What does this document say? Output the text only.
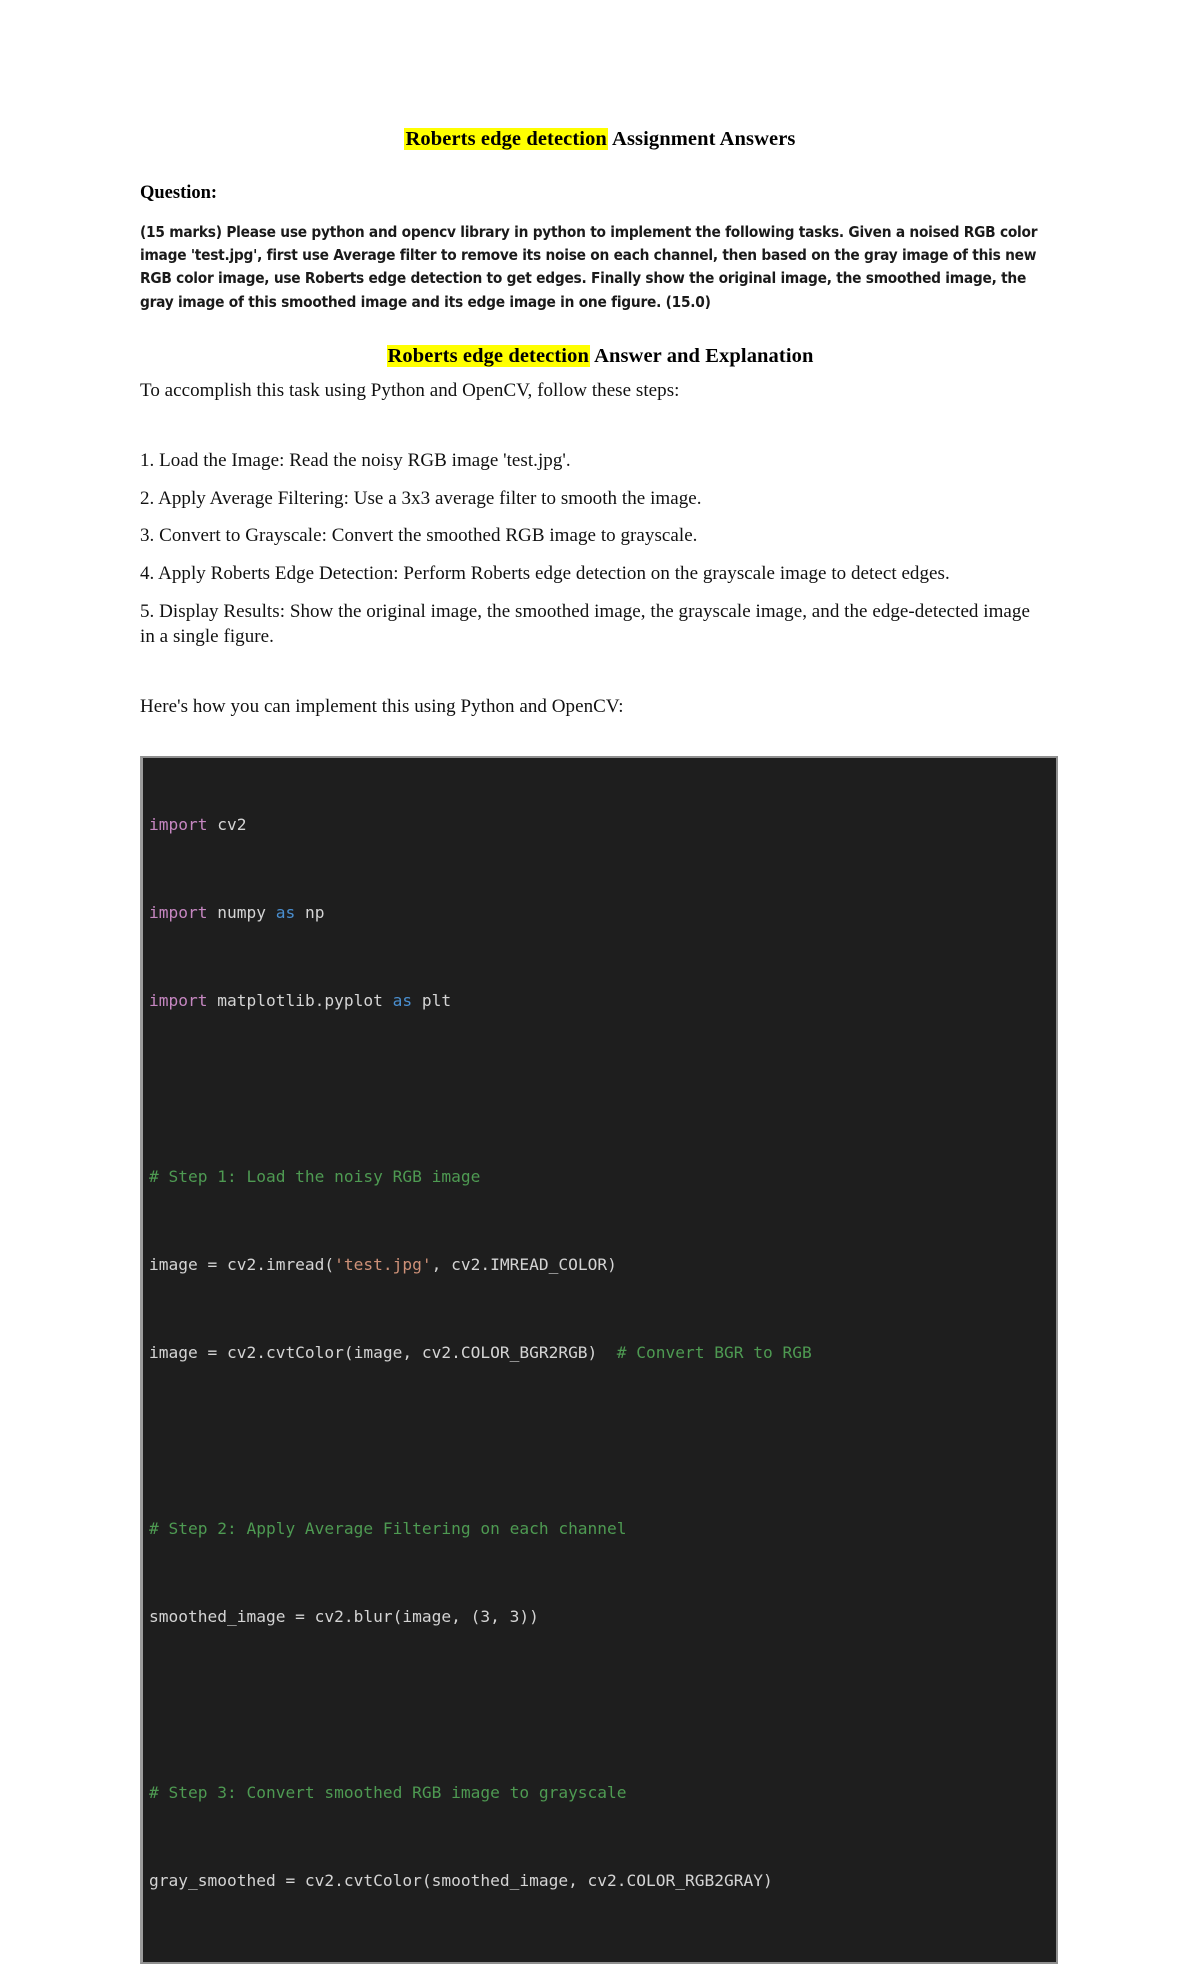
Roberts edge detection Assignment Answers

Question:

(15 marks) Please use python and opencv library in python to implement the following tasks. Given a noised RGB color image 'test.jpg', first use Average filter to remove its noise on each channel, then based on the gray image of this new RGB color image, use Roberts edge detection to get edges. Finally show the original image, the smoothed image, the gray image of this smoothed image and its edge image in one figure. (15.0)

Roberts edge detection Answer and Explanation

To accomplish this task using Python and OpenCV, follow these steps:

1. Load the Image: Read the noisy RGB image 'test.jpg'.

2. Apply Average Filtering: Use a 3x3 average filter to smooth the image.

3. Convert to Grayscale: Convert the smoothed RGB image to grayscale.

4. Apply Roberts Edge Detection: Perform Roberts edge detection on the grayscale image to detect edges.

5. Display Results: Show the original image, the smoothed image, the grayscale image, and the edge-detected image in a single figure.

Here's how you can implement this using Python and OpenCV:

import cv2

import numpy as np

import matplotlib.pyplot as plt

# Step 1: Load the noisy RGB image

image = cv2.imread('test.jpg', cv2.IMREAD_COLOR)

image = cv2.cvtColor(image, cv2.COLOR_BGR2RGB)  # Convert BGR to RGB

# Step 2: Apply Average Filtering on each channel

smoothed_image = cv2.blur(image, (3, 3))

# Step 3: Convert smoothed RGB image to grayscale

gray_smoothed = cv2.cvtColor(smoothed_image, cv2.COLOR_RGB2GRAY)
